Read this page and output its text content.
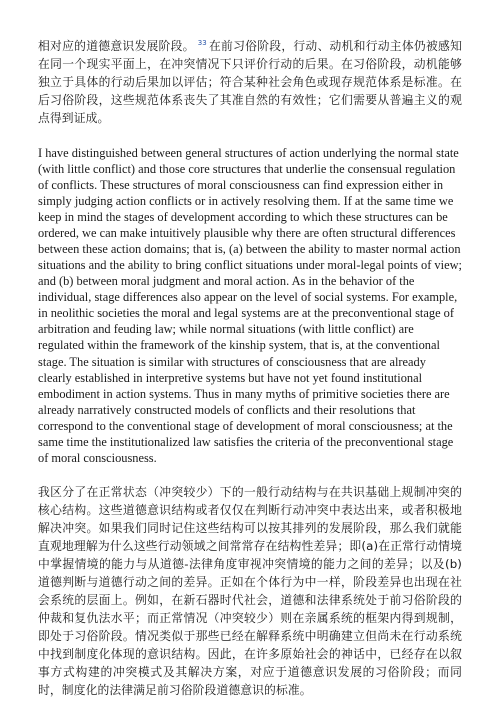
相对应的道德意识发展阶段。 $^{33}$ 在前习俗阶段，行动、动机和行动主体仍被感知在同一个现实平面上，在冲突情况下只评价行动的后果。在习俗阶段，动机能够独立于具体的行动后果加以评估；符合某种社会角色或现存规范体系是标准。在后习俗阶段，这些规范体系丧失了其准自然的有效性；它们需要从普遍主义的观点得到证成。

I have distinguished between general structures of action underlying the normal state (with little conflict) and those core structures that underlie the consensual regulation of conflicts. These structures of moral consciousness can find expression either in simply judging action conflicts or in actively resolving them. If at the same time we keep in mind the stages of development according to which these structures can be ordered, we can make intuitively plausible why there are often structural differences between these action domains; that is, (a) between the ability to master normal action situations and the ability to bring conflict situations under moral-legal points of view; and (b) between moral judgment and moral action. As in the behavior of the individual, stage differences also appear on the level of social systems. For example, in neolithic societies the moral and legal systems are at the preconventional stage of arbitration and feuding law; while normal situations (with little conflict) are regulated within the framework of the kinship system, that is, at the conventional stage. The situation is similar with structures of consciousness that are already clearly established in interpretive systems but have not yet found institutional embodiment in action systems. Thus in many myths of primitive societies there are already narratively constructed models of conflicts and their resolutions that correspond to the conventional stage of development of moral consciousness; at the same time the institutionalized law satisfies the criteria of the preconventional stage of moral consciousness.

我区分了在正常状态（冲突较少）下的一般行动结构与在共识基础上规制冲突的核心结构。这些道德意识结构或者仅仅在判断行动冲突中表达出来，或者积极地解决冲突。如果我们同时记住这些结构可以按其排列的发展阶段，那么我们就能直观地理解为什么这些行动领域之间常常存在结构性差异；即(a)在正常行动情境中掌握情境的能力与从道德-法律角度审视冲突情境的能力之间的差异；以及(b)道德判断与道德行动之间的差异。正如在个体行为中一样，阶段差异也出现在社会系统的层面上。例如，在新石器时代社会，道德和法律系统处于前习俗阶段的仲裁和复仇法水平；而正常情况（冲突较少）则在亲属系统的框架内得到规制，即处于习俗阶段。情况类似于那些已经在解释系统中明确建立但尚未在行动系统中找到制度化体现的意识结构。因此，在许多原始社会的神话中，已经存在以叙事方式构建的冲突模式及其解决方案，对应于道德意识发展的习俗阶段；而同时，制度化的法律满足前习俗阶段道德意识的标准。
